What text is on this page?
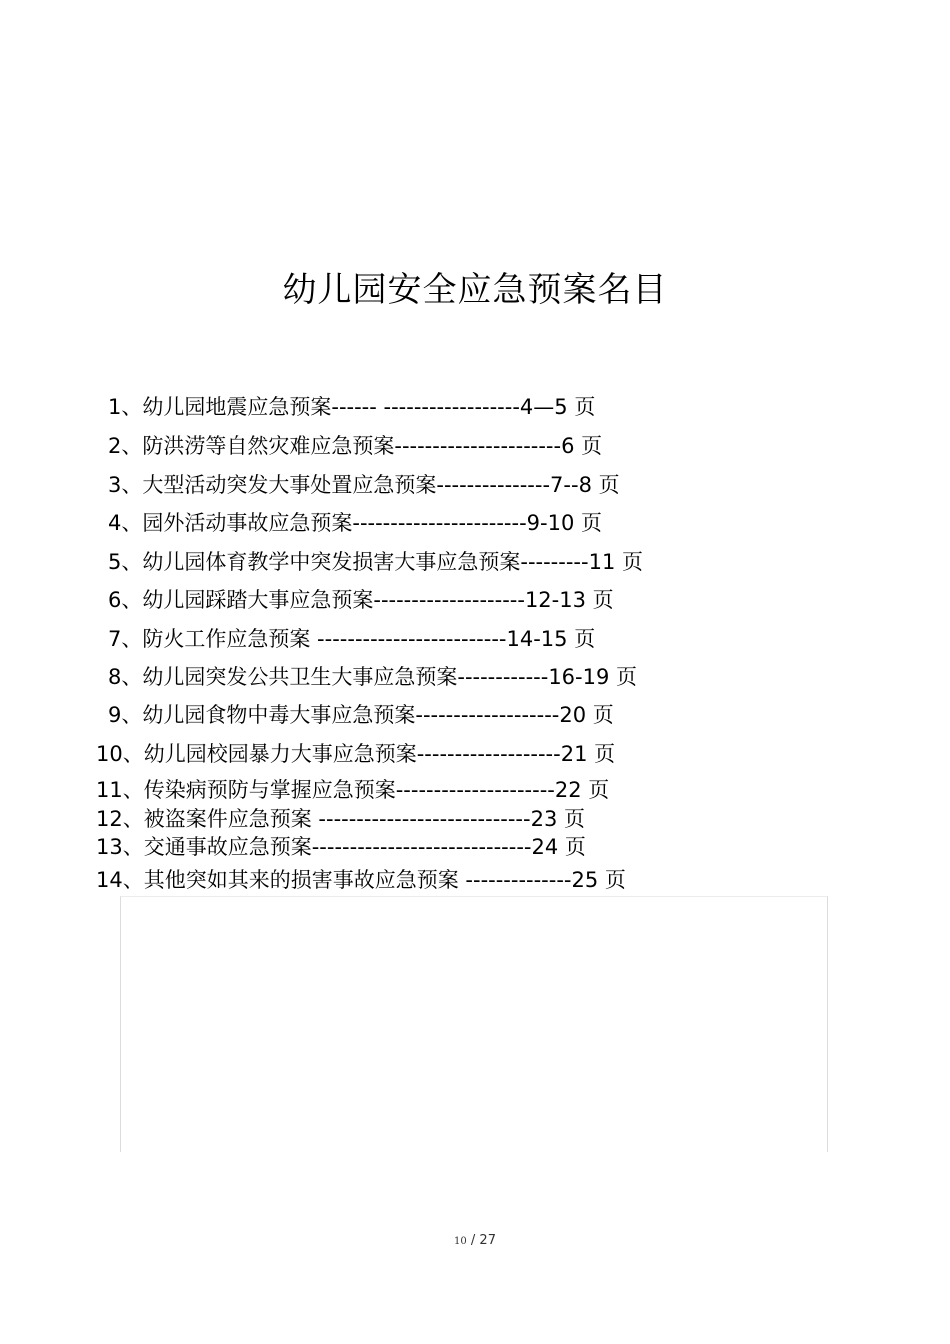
幼儿园安全应急预案名目
1、幼儿园地震应急预案------ ------------------4—5 页
2、防洪涝等自然灾难应急预案----------------------6 页
3、大型活动突发大事处置应急预案---------------7--8 页
4、园外活动事故应急预案-----------------------9-10 页
5、幼儿园体育教学中突发损害大事应急预案---------11 页
6、幼儿园踩踏大事应急预案--------------------12-13 页
7、防火工作应急预案 -------------------------14-15 页
8、幼儿园突发公共卫生大事应急预案------------16-19 页
9、幼儿园食物中毒大事应急预案-------------------20 页
10、幼儿园校园暴力大事应急预案-------------------21 页
11、传染病预防与掌握应急预案---------------------22 页
12、被盗案件应急预案 ----------------------------23 页
13、交通事故应急预案-----------------------------24 页
14、其他突如其来的损害事故应急预案 --------------25 页
10 / 27
